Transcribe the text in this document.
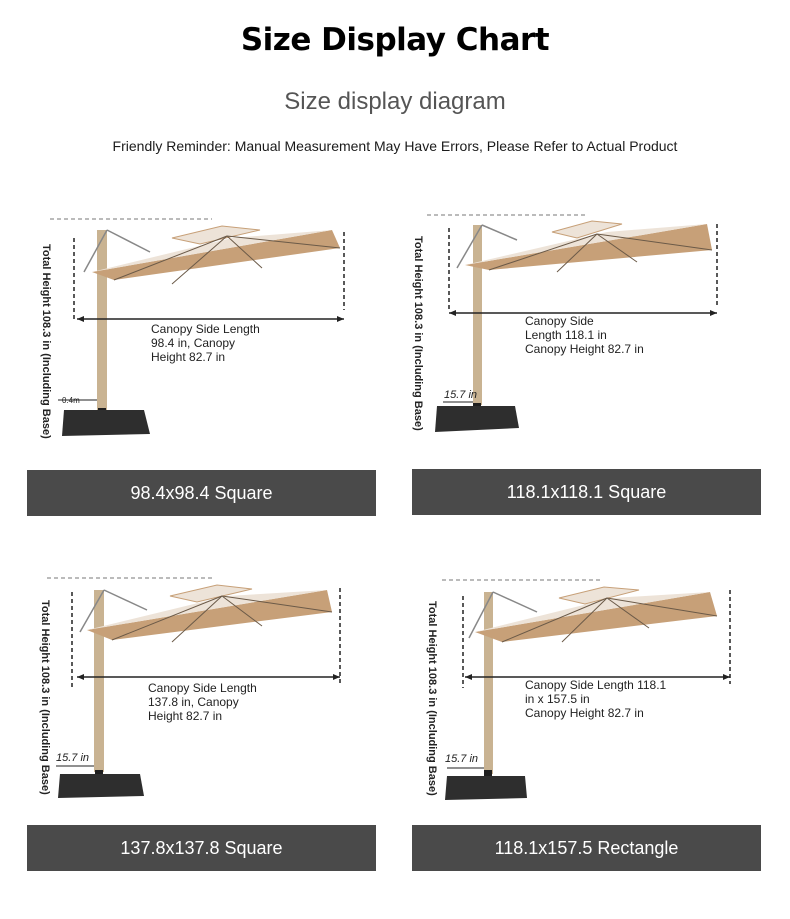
Size Display Chart
Size display diagram
Friendly Reminder: Manual Measurement May Have Errors, Please Refer to Actual Product
Total Height 108.3 in (Including Base)	Canopy Side Length
98.4 in, Canopy
Height 82.7 in
0.4m
98.4x98.4 Square
Total Height 108.3 in (Including Base)	Canopy Side
Length 118.1 in
Canopy Height 82.7 in
15.7 in
118.1x118.1 Square
Total Height 108.3 in (Including Base)	Canopy Side Length
137.8 in, Canopy
Height 82.7 in
15.7 in
137.8x137.8 Square
Total Height 108.3 in (Including Base)	Canopy Side Length 118.1
in x 157.5 in
Canopy Height 82.7 in
15.7 in
118.1x157.5 Rectangle
